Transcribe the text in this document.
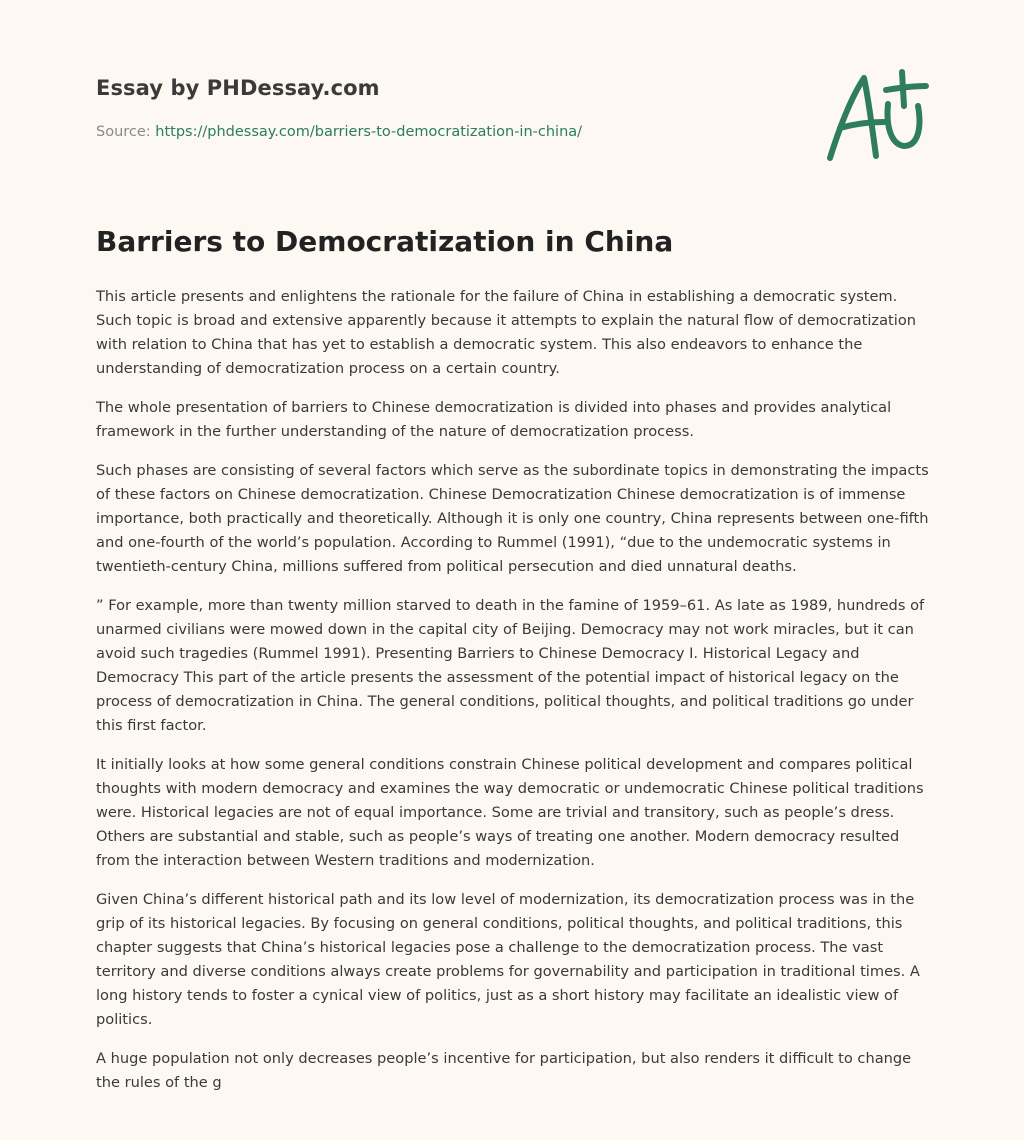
Essay by PHDessay.com
Source: https://phdessay.com/barriers-to-democratization-in-china/
Barriers to Democratization in China

This article presents and enlightens the rationale for the failure of China in establishing a democratic system. Such topic is broad and extensive apparently because it attempts to explain the natural flow of democratization with relation to China that has yet to establish a democratic system. This also endeavors to enhance the understanding of democratization process on a certain country.

The whole presentation of barriers to Chinese democratization is divided into phases and provides analytical framework in the further understanding of the nature of democratization process.

Such phases are consisting of several factors which serve as the subordinate topics in demonstrating the impacts of these factors on Chinese democratization. Chinese Democratization Chinese democratization is of immense importance, both practically and theoretically. Although it is only one country, China represents between one-fifth and one-fourth of the world’s population. According to Rummel (1991), “due to the undemocratic systems in twentieth-century China, millions suffered from political persecution and died unnatural deaths.

” For example, more than twenty million starved to death in the famine of 1959–61. As late as 1989, hundreds of unarmed civilians were mowed down in the capital city of Beijing. Democracy may not work miracles, but it can avoid such tragedies (Rummel 1991). Presenting Barriers to Chinese Democracy I. Historical Legacy and Democracy This part of the article presents the assessment of the potential impact of historical legacy on the process of democratization in China. The general conditions, political thoughts, and political traditions go under this first factor.

It initially looks at how some general conditions constrain Chinese political development and compares political thoughts with modern democracy and examines the way democratic or undemocratic Chinese political traditions were. Historical legacies are not of equal importance. Some are trivial and transitory, such as people’s dress. Others are substantial and stable, such as people’s ways of treating one another. Modern democracy resulted from the interaction between Western traditions and modernization.

Given China’s different historical path and its low level of modernization, its democratization process was in the grip of its historical legacies. By focusing on general conditions, political thoughts, and political traditions, this chapter suggests that China’s historical legacies pose a challenge to the democratization process. The vast territory and diverse conditions always create problems for governability and participation in traditional times. A long history tends to foster a cynical view of politics, just as a short history may facilitate an idealistic view of politics.

A huge population not only decreases people’s incentive for participation, but also renders it difficult to change the rules of the g
